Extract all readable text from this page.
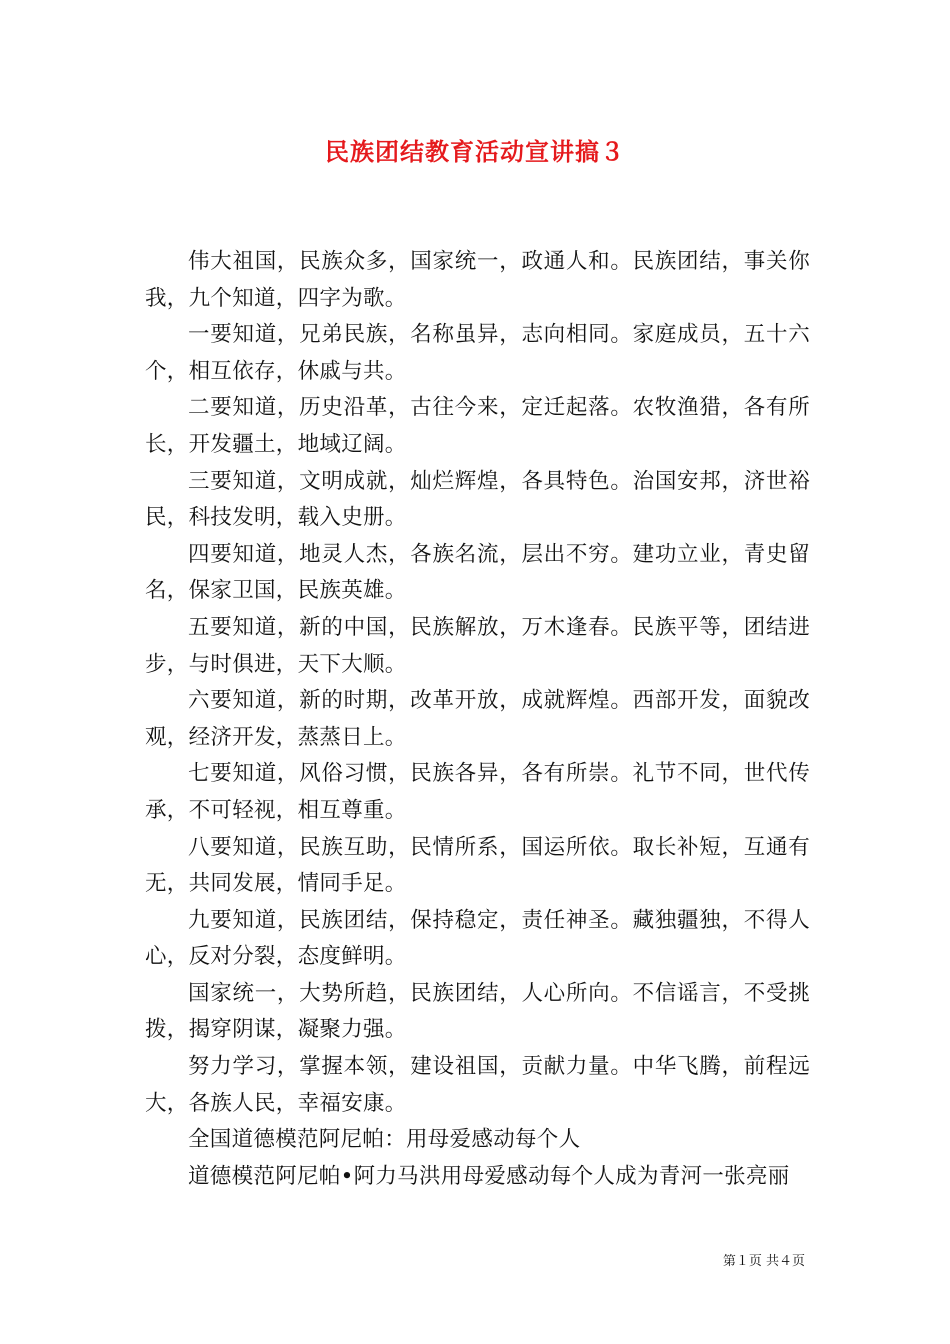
民族团结教育活动宣讲搞３

伟大祖国，民族众多，国家统一，政通人和。民族团结，事关你我，九个知道，四字为歌。

一要知道，兄弟民族，名称虽异，志向相同。家庭成员，五十六个，相互依存，休戚与共。

二要知道，历史沿革，古往今来，定迁起落。农牧渔猎，各有所长，开发疆土，地域辽阔。

三要知道，文明成就，灿烂辉煌，各具特色。治国安邦，济世裕民，科技发明，载入史册。

四要知道，地灵人杰，各族名流，层出不穷。建功立业，青史留名，保家卫国，民族英雄。

五要知道，新的中国，民族解放，万木逢春。民族平等，团结进步，与时俱进，天下大顺。

六要知道，新的时期，改革开放，成就辉煌。西部开发，面貌改观，经济开发，蒸蒸日上。

七要知道，风俗习惯，民族各异，各有所崇。礼节不同，世代传承，不可轻视，相互尊重。

八要知道，民族互助，民情所系，国运所依。取长补短，互通有无，共同发展，情同手足。

九要知道，民族团结，保持稳定，责任神圣。藏独疆独，不得人心，反对分裂，态度鲜明。

国家统一，大势所趋，民族团结，人心所向。不信谣言，不受挑拨，揭穿阴谋，凝聚力强。

努力学习，掌握本领，建设祖国，贡献力量。中华飞腾，前程远大，各族人民，幸福安康。

全国道德模范阿尼帕：用母爱感动每个人

道德模范阿尼帕•阿力马洪用母爱感动每个人成为青河一张亮丽

第１页 共４页
